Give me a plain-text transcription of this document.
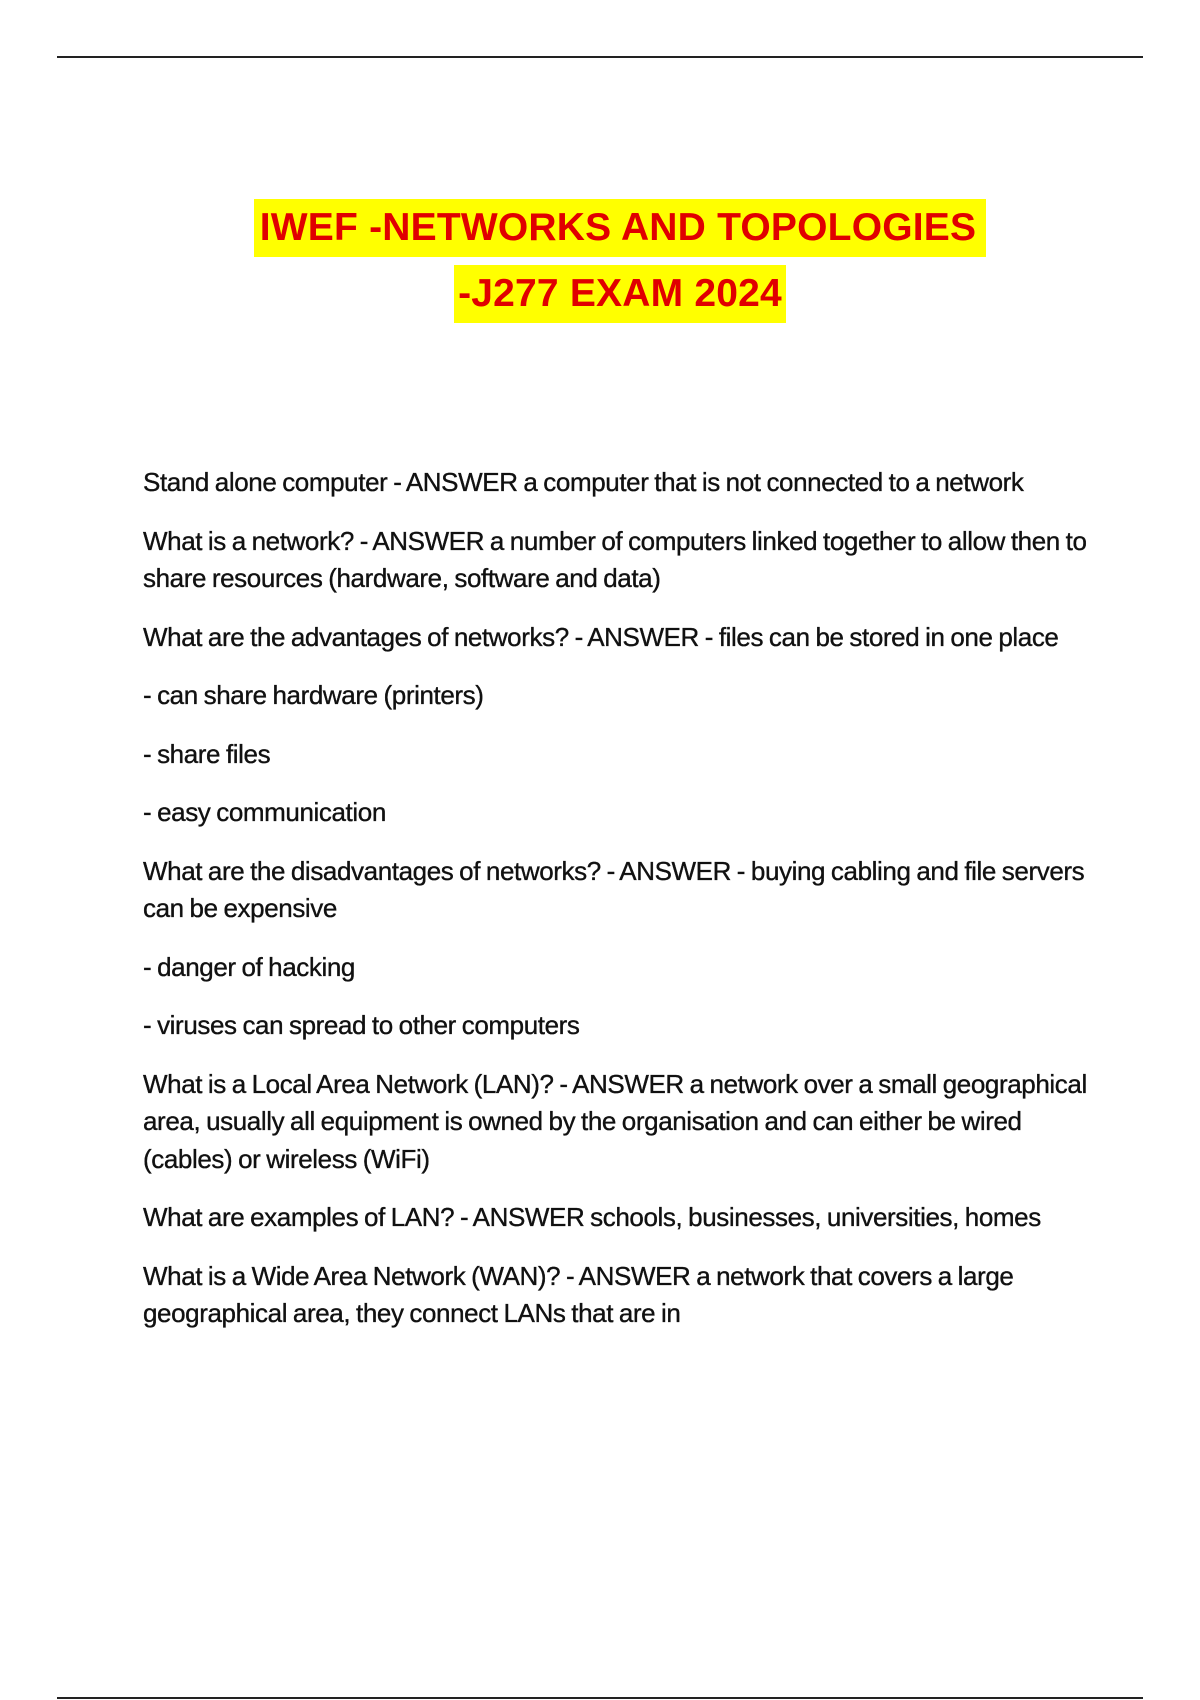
IWEF -NETWORKS AND TOPOLOGIES
-J277 EXAM 2024

Stand alone computer - ANSWER a computer that is not connected to a network

What is a network? - ANSWER a number of computers linked together to allow then to share resources (hardware, software and data)

What are the advantages of networks? - ANSWER - files can be stored in one place

- can share hardware (printers)

- share files

- easy communication

What are the disadvantages of networks? - ANSWER - buying cabling and file servers can be expensive

- danger of hacking

- viruses can spread to other computers

What is a Local Area Network (LAN)? - ANSWER a network over a small geographical area, usually all equipment is owned by the organisation and can either be wired (cables) or wireless (WiFi)

What are examples of LAN? - ANSWER schools, businesses, universities, homes

What is a Wide Area Network (WAN)? - ANSWER a network that covers a large geographical area, they connect LANs that are in
